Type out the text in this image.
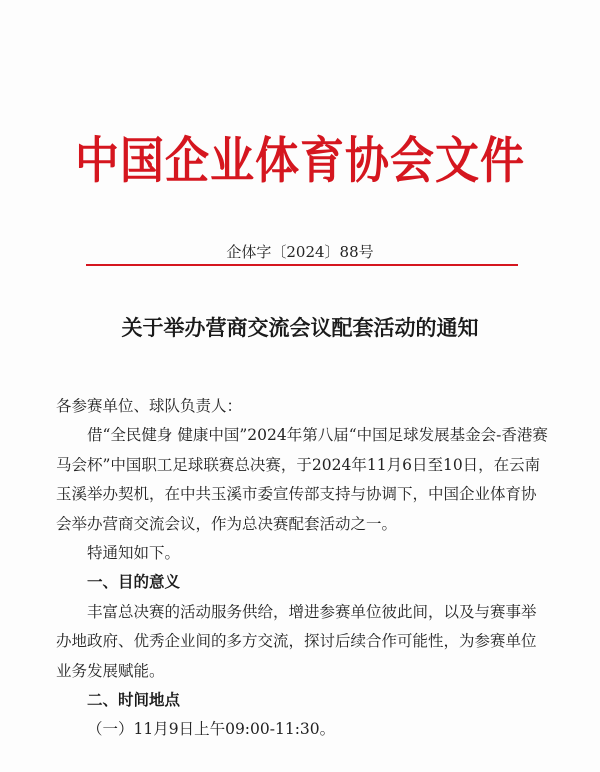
中国企业体育协会文件
企体字〔2024〕88号
关于举办营商交流会议配套活动的通知

各参赛单位、球队负责人：

借“全民健身 健康中国”2024年第八届“中国足球发展基金会-香港赛马会杯”中国职工足球联赛总决赛，于2024年11月6日至10日，在云南玉溪举办契机，在中共玉溪市委宣传部支持与协调下，中国企业体育协会举办营商交流会议，作为总决赛配套活动之一。

特通知如下。

一、目的意义

丰富总决赛的活动服务供给，增进参赛单位彼此间，以及与赛事举办地政府、优秀企业间的多方交流，探讨后续合作可能性，为参赛单位业务发展赋能。

二、时间地点

（一）11月9日上午09:00-11:30。
